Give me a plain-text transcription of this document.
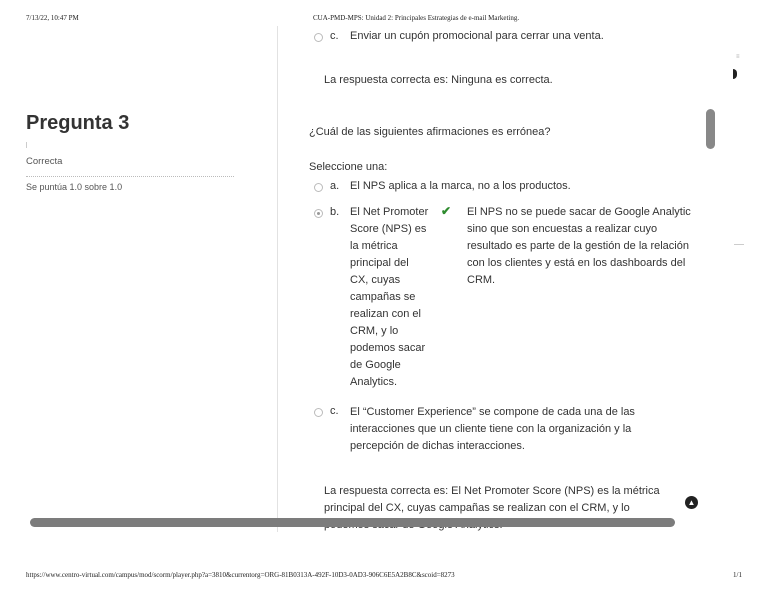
7/13/22, 10:47 PM	CUA-PMD-MPS: Unidad 2: Principales Estrategias de e-mail Marketing.
Pregunta 3
Correcta
Se puntúa 1.0 sobre 1.0
c. Enviar un cupón promocional para cerrar una venta.
La respuesta correcta es: Ninguna es correcta.
¿Cuál de las siguientes afirmaciones es errónea?
Seleccione una:
a. El NPS aplica a la marca, no a los productos.
b. El Net Promoter
Score (NPS) es
la métrica
principal del
CX, cuyas
campañas se
realizan con el
CRM, y lo
podemos sacar
de Google
Analytics.
✔ El NPS no se puede sacar de Google Analytic
sino que son encuestas a realizar cuyo
resultado es parte de la gestión de la relación
con los clientes y está en los dashboards del
CRM.
c. El “Customer Experience” se compone de cada una de las
interacciones que un cliente tiene con la organización y la
percepción de dichas interacciones.
La respuesta correcta es: El Net Promoter Score (NPS) es la métrica
principal del CX, cuyas campañas se realizan con el CRM, y lo	▲
≡
https://www.centro-virtual.com/campus/mod/scorm/player.php?a=3810&currentorg=ORG-81B0313A-492F-10D3-0AD3-906C6E5A2B8C&scoid=8273	1/1
